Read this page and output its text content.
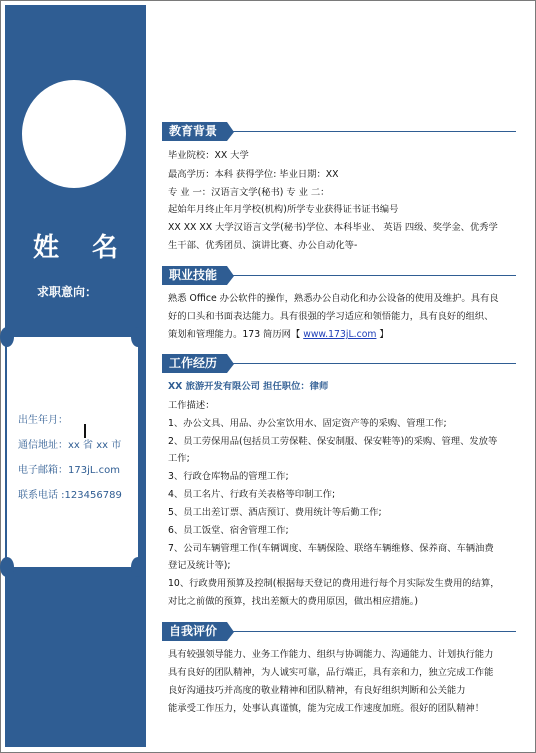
姓 名
求职意向：
出生年月：
通信地址：xx 省 xx 市
电子邮箱：173jL.com
联系电话 :123456789
教育背景
毕业院校：XX 大学
最高学历：本科 获得学位: 毕业日期：XX
专 业 一：汉语言文学(秘书) 专 业 二：
起始年月终止年月学校(机构)所学专业获得证书证书编号
XX XX XX 大学汉语言文学(秘书)学位、本科毕业、 英语 四级、奖学金、优秀学
生干部、优秀团员、演讲比赛、办公自动化等-
职业技能
熟悉 Office 办公软件的操作，熟悉办公自动化和办公设备的使用及维护。具有良
好的口头和书面表达能力。具有很强的学习适应和领悟能力，具有良好的组织、
策划和管理能力。173 简历网【 www.173jL.com 】
工作经历
XX 旅游开发有限公司 担任职位：律师
工作描述：
1、办公文具、用品、办公室饮用水、固定资产等的采购、管理工作;
2、员工劳保用品(包括员工劳保鞋、保安制服、保安鞋等)的采购、管理、发放等
工作;
3、行政仓库物品的管理工作;
4、员工名片、行政有关表格等印制工作;
5、员工出差订票、酒店预订、费用统计等后勤工作;
6、员工饭堂、宿舍管理工作;
7、公司车辆管理工作(车辆调度、车辆保险、联络车辆维修、保养商、车辆油费
登记及统计等);
10、行政费用预算及控制(根据每天登记的费用进行每个月实际发生费用的结算，
对比之前做的预算，找出差额大的费用原因，做出相应措施。)
自我评价
具有较强领导能力、业务工作能力、组织与协调能力、沟通能力、计划执行能力
具有良好的团队精神，为人诚实可靠，品行端正，具有亲和力，独立完成工作能
良好沟通技巧并高度的敬业精神和团队精神，有良好组织判断和公关能力
能承受工作压力，处事认真谨慎，能为完成工作速度加班。很好的团队精神！
